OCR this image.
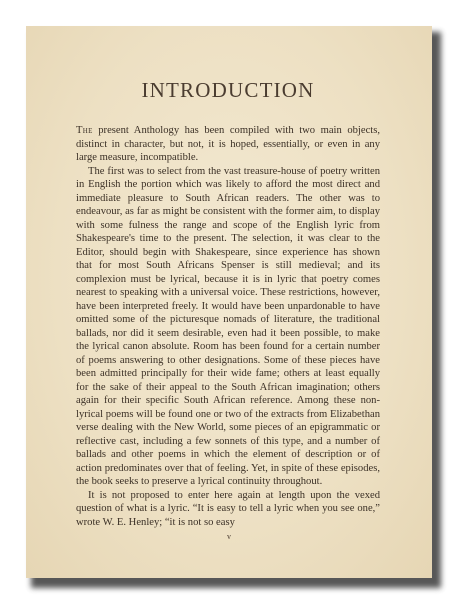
INTRODUCTION

The present Anthology has been compiled with two main objects, distinct in character, but not, it is hoped, essentially, or even in any large measure, incompatible.

The first was to select from the vast treasure-house of poetry written in English the portion which was likely to afford the most direct and immediate pleasure to South African readers. The other was to endeavour, as far as might be consistent with the former aim, to display with some fulness the range and scope of the English lyric from Shakespeare's time to the present. The selection, it was clear to the Editor, should begin with Shakespeare, since experience has shown that for most South Africans Spenser is still medieval; and its complexion must be lyrical, because it is in lyric that poetry comes nearest to speaking with a universal voice. These restrictions, however, have been interpreted freely. It would have been unpardonable to have omitted some of the picturesque nomads of literature, the traditional ballads, nor did it seem desirable, even had it been possible, to make the lyrical canon absolute. Room has been found for a certain number of poems answering to other designations. Some of these pieces have been admitted principally for their wide fame; others at least equally for the sake of their appeal to the South African imagination; others again for their specific South African reference. Among these non-lyrical poems will be found one or two of the extracts from Elizabethan verse dealing with the New World, some pieces of an epigrammatic or reflective cast, including a few sonnets of this type, and a number of ballads and other poems in which the element of description or of action predominates over that of feeling. Yet, in spite of these episodes, the book seeks to preserve a lyrical continuity throughout.

It is not proposed to enter here again at length upon the vexed question of what is a lyric. “It is easy to tell a lyric when you see one,” wrote W. E. Henley; “it is not so easy

v
